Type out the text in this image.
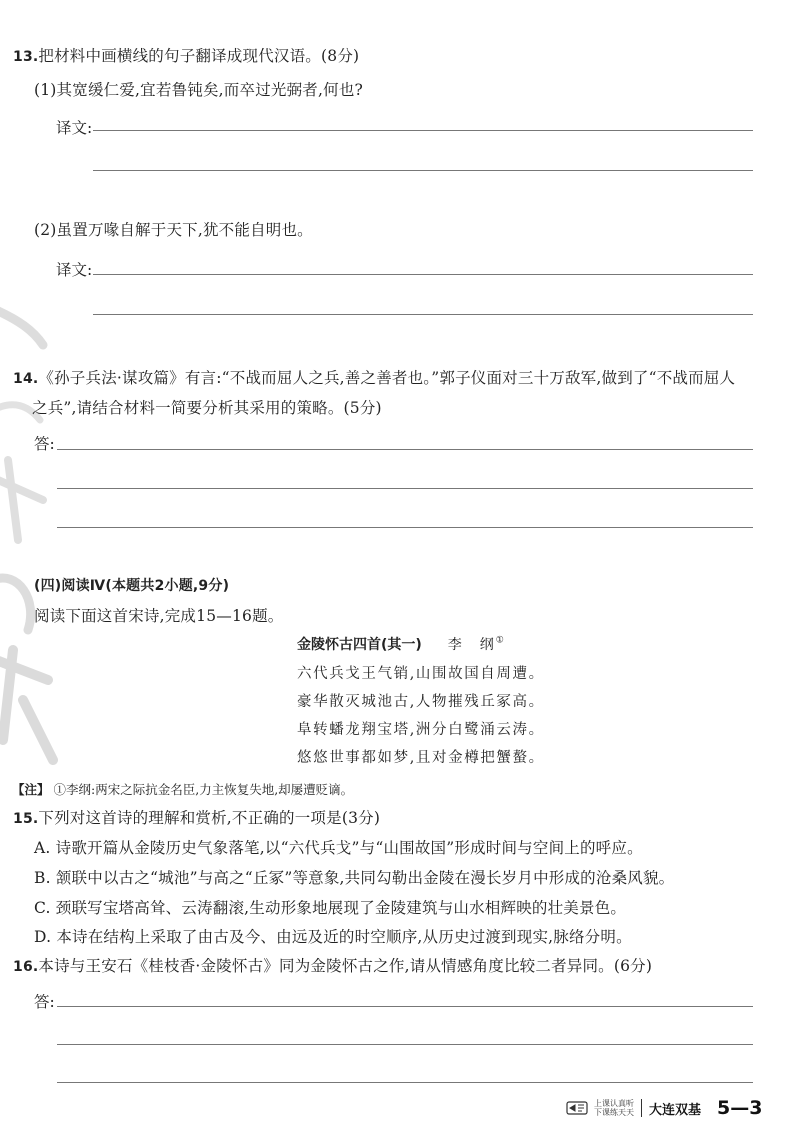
13.把材料中画横线的句子翻译成现代汉语。(8分)
(1)其宽缓仁爱,宜若鲁钝矣,而卒过光弼者,何也?
译文:
(2)虽置万喙自解于天下,犹不能自明也。
译文:
14.《孙子兵法·谋攻篇》有言:“不战而屈人之兵,善之善者也。”郭子仪面对三十万敌军,做到了“不战而屈人
之兵”,请结合材料一简要分析其采用的策略。(5分)
答:
(四)阅读Ⅳ(本题共2小题,9分)
阅读下面这首宋诗,完成15—16题。
金陵怀古四首(其一) 李　纲①
六代兵戈王气销,山围故国自周遭。
豪华散灭城池古,人物摧残丘冢高。
阜转蟠龙翔宝塔,洲分白鹭涌云涛。
悠悠世事都如梦,且对金樽把蟹螯。
【注】 ①李纲:两宋之际抗金名臣,力主恢复失地,却屡遭贬谪。
15.下列对这首诗的理解和赏析,不正确的一项是(3分)
A. 诗歌开篇从金陵历史气象落笔,以“六代兵戈”与“山围故国”形成时间与空间上的呼应。
B. 颔联中以古之“城池”与高之“丘冢”等意象,共同勾勒出金陵在漫长岁月中形成的沧桑风貌。
C. 颈联写宝塔高耸、云涛翻滚,生动形象地展现了金陵建筑与山水相辉映的壮美景色。
D. 本诗在结构上采取了由古及今、由远及近的时空顺序,从历史过渡到现实,脉络分明。
16.本诗与王安石《桂枝香·金陵怀古》同为金陵怀古之作,请从情感角度比较二者异同。(6分)
答:
上课认真听
下课练天天 大连双基 5—3
